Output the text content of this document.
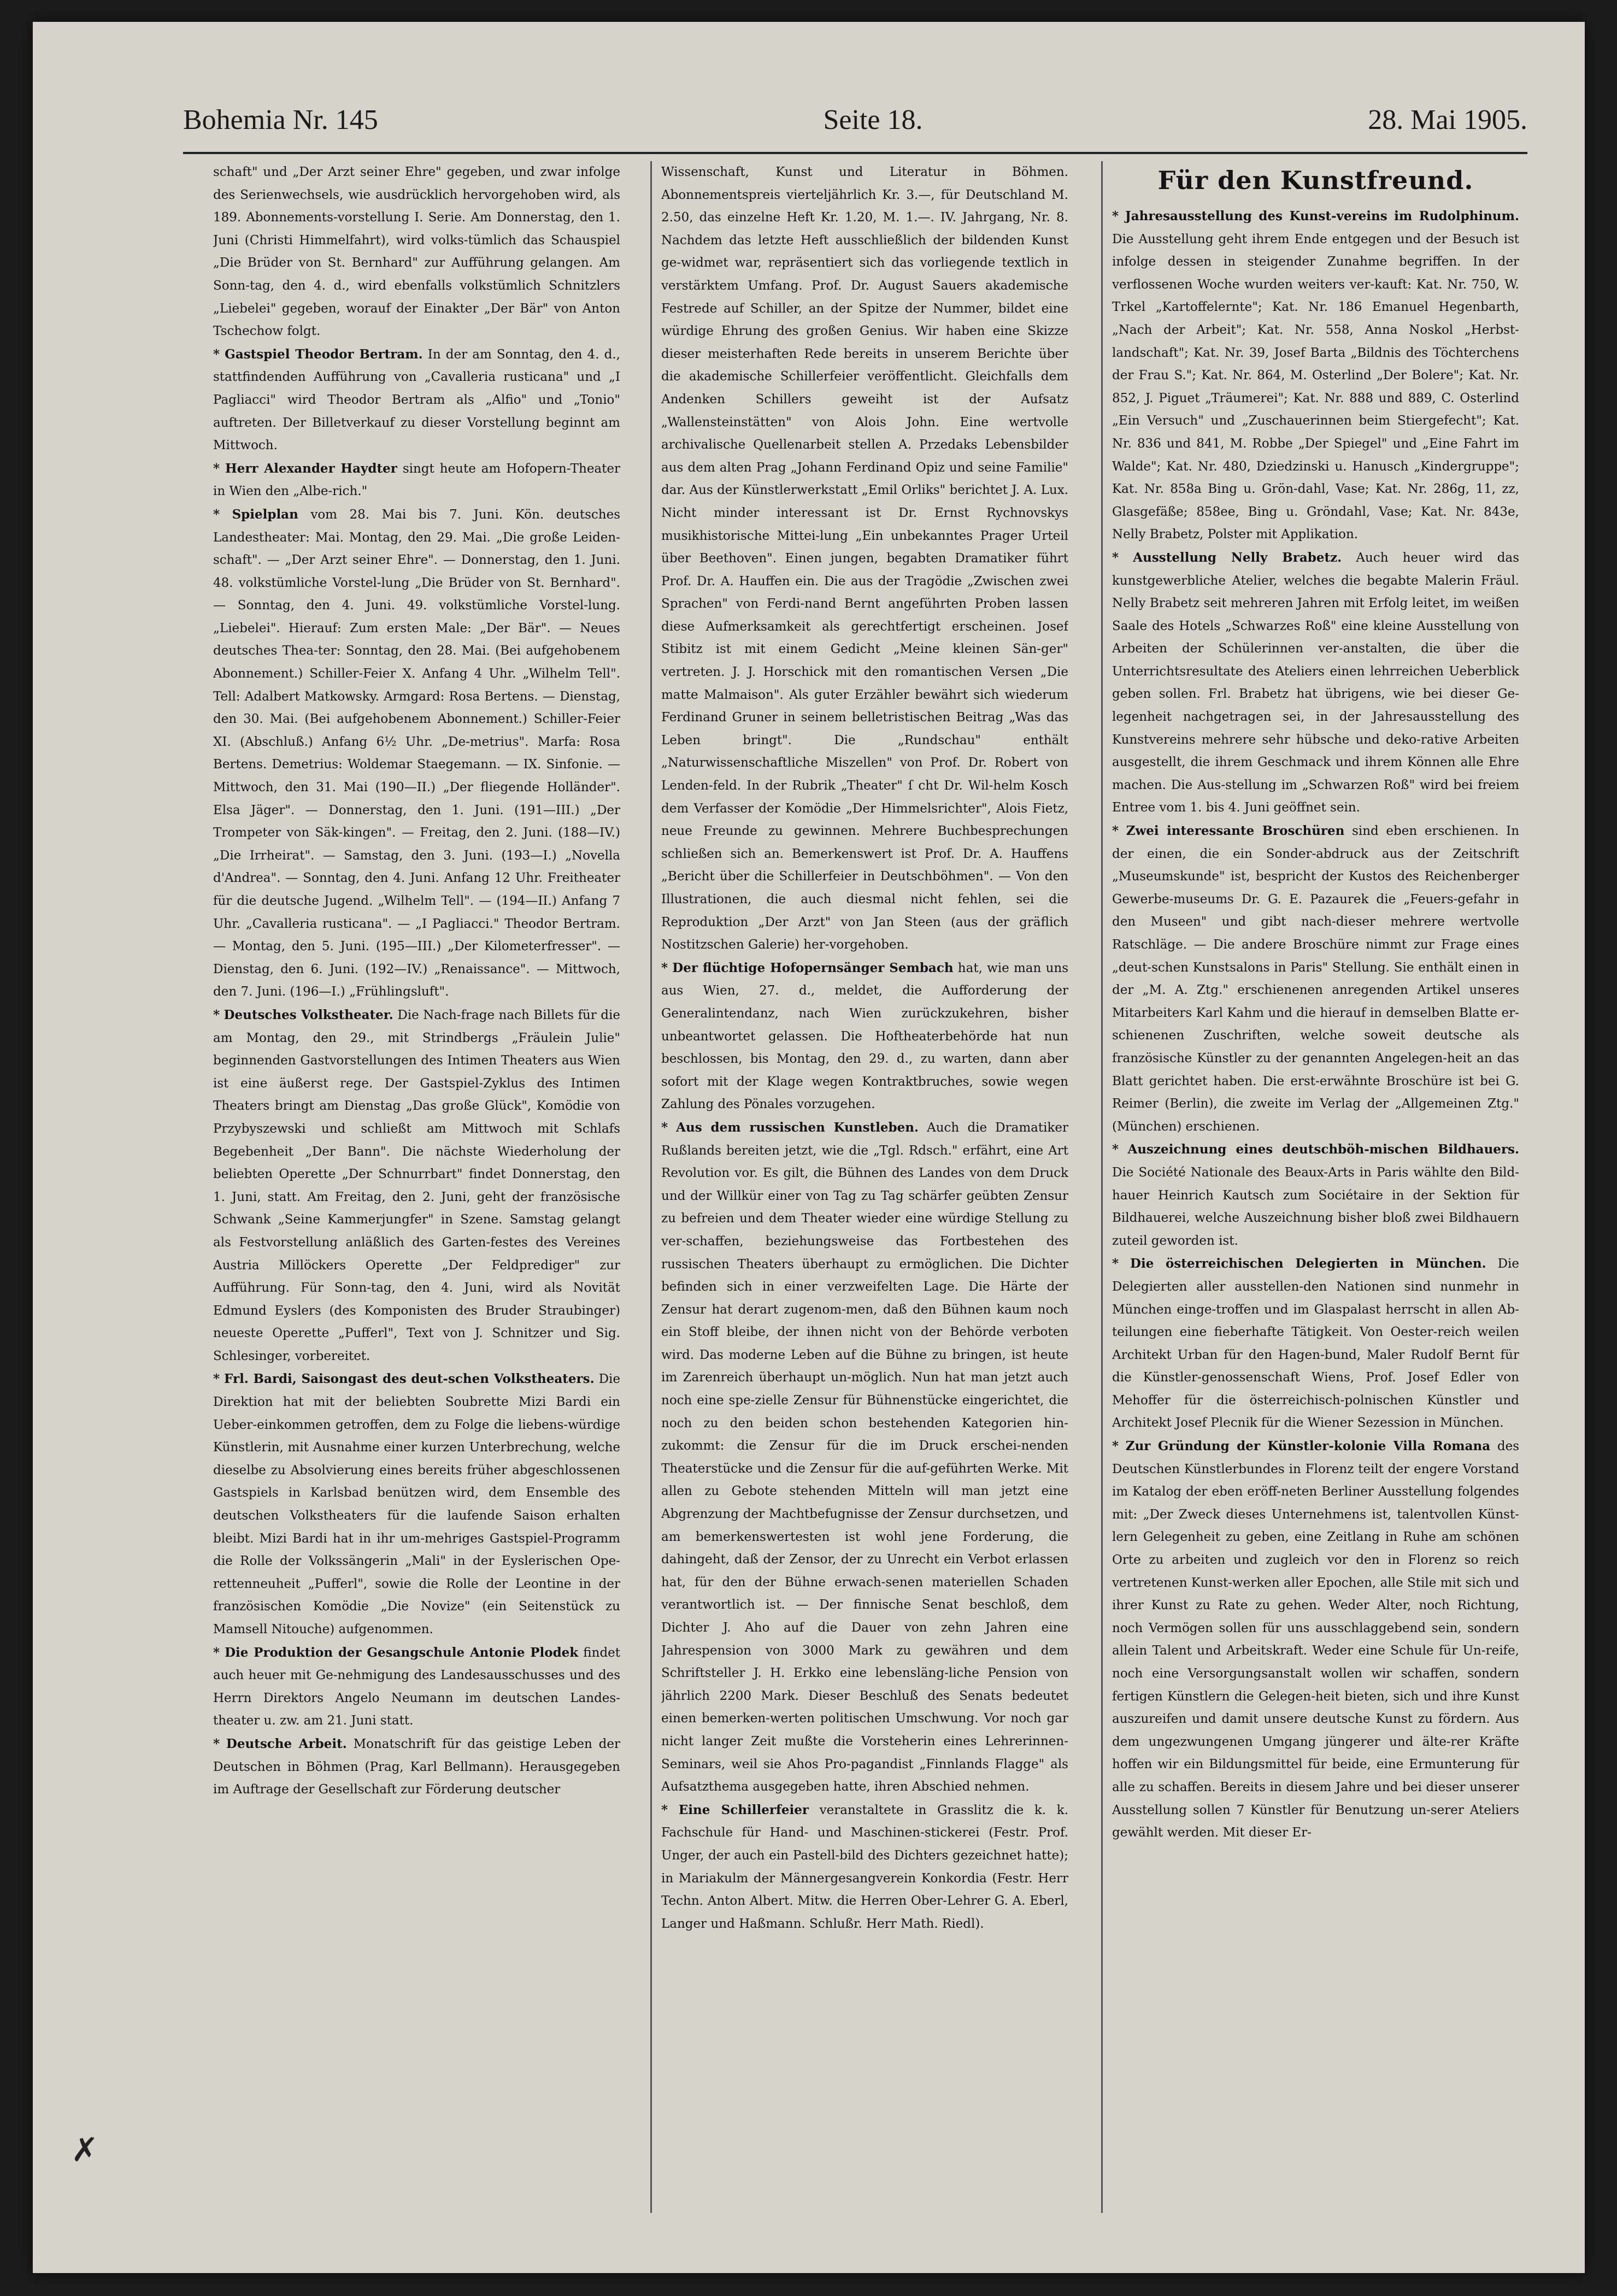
Bohemia Nr. 145	Seite 18.	28. Mai 1905.

schaft" und „Der Arzt seiner Ehre" gegeben, und zwar infolge des Serienwechsels, wie ausdrücklich hervorgehoben wird, als 189. Abonnements-vorstellung I. Serie. Am Donnerstag, den 1. Juni (Christi Himmelfahrt), wird volks-tümlich das Schauspiel „Die Brüder von St. Bernhard" zur Aufführung gelangen. Am Sonn-tag, den 4. d., wird ebenfalls volkstümlich Schnitzlers „Liebelei" gegeben, worauf der Einakter „Der Bär" von Anton Tschechow folgt.

* Gastspiel Theodor Bertram. In der am Sonntag, den 4. d., stattfindenden Aufführung von „Cavalleria rusticana" und „I Pagliacci" wird Theodor Bertram als „Alfio" und „Tonio" auftreten. Der Billetverkauf zu dieser Vorstellung beginnt am Mittwoch.

* Herr Alexander Haydter singt heute am Hofopern-Theater in Wien den „Albe-rich."

* Spielplan vom 28. Mai bis 7. Juni. Kön. deutsches Landestheater: Mai. Montag, den 29. Mai. „Die große Leiden-schaft". — „Der Arzt seiner Ehre". — Donnerstag, den 1. Juni. 48. volkstümliche Vorstel-lung „Die Brüder von St. Bernhard". — Sonntag, den 4. Juni. 49. volkstümliche Vorstel-lung. „Liebelei". Hierauf: Zum ersten Male: „Der Bär". — Neues deutsches Thea-ter: Sonntag, den 28. Mai. (Bei aufgehobenem Abonnement.) Schiller-Feier X. Anfang 4 Uhr. „Wilhelm Tell". Tell: Adalbert Matkowsky. Armgard: Rosa Bertens. — Dienstag, den 30. Mai. (Bei aufgehobenem Abonnement.) Schiller-Feier XI. (Abschluß.) Anfang 6½ Uhr. „De-metrius". Marfa: Rosa Bertens. Demetrius: Woldemar Staegemann. — IX. Sinfonie. — Mittwoch, den 31. Mai (190—II.) „Der fliegende Holländer". Elsa Jäger". — Donnerstag, den 1. Juni. (191—III.) „Der Trompeter von Säk-kingen". — Freitag, den 2. Juni. (188—IV.) „Die Irrheirat". — Samstag, den 3. Juni. (193—I.) „Novella d'Andrea". — Sonntag, den 4. Juni. Anfang 12 Uhr. Freitheater für die deutsche Jugend. „Wilhelm Tell". — (194—II.) Anfang 7 Uhr. „Cavalleria rusticana". — „I Pagliacci." Theodor Bertram. — Montag, den 5. Juni. (195—III.) „Der Kilometerfresser". — Dienstag, den 6. Juni. (192—IV.) „Renaissance". — Mittwoch, den 7. Juni. (196—I.) „Frühlingsluft".

* Deutsches Volkstheater. Die Nach-frage nach Billets für die am Montag, den 29., mit Strindbergs „Fräulein Julie" beginnenden Gastvorstellungen des Intimen Theaters aus Wien ist eine äußerst rege. Der Gastspiel-Zyklus des Intimen Theaters bringt am Dienstag „Das große Glück", Komödie von Przybyszewski und schließt am Mittwoch mit Schlafs Begebenheit „Der Bann". Die nächste Wiederholung der beliebten Operette „Der Schnurrbart" findet Donnerstag, den 1. Juni, statt. Am Freitag, den 2. Juni, geht der französische Schwank „Seine Kammerjungfer" in Szene. Samstag gelangt als Festvorstellung anläßlich des Garten-festes des Vereines Austria Millöckers Operette „Der Feldprediger" zur Aufführung. Für Sonn-tag, den 4. Juni, wird als Novität Edmund Eyslers (des Komponisten des Bruder Straubinger) neueste Operette „Pufferl", Text von J. Schnitzer und Sig. Schlesinger, vorbereitet.

* Frl. Bardi, Saisongast des deut-schen Volkstheaters. Die Direktion hat mit der beliebten Soubrette Mizi Bardi ein Ueber-einkommen getroffen, dem zu Folge die liebens-würdige Künstlerin, mit Ausnahme einer kurzen Unterbrechung, welche dieselbe zu Absolvierung eines bereits früher abgeschlossenen Gastspiels in Karlsbad benützen wird, dem Ensemble des deutschen Volkstheaters für die laufende Saison erhalten bleibt. Mizi Bardi hat in ihr um-mehriges Gastspiel-Programm die Rolle der Volkssängerin „Mali" in der Eyslerischen Ope-rettenneuheit „Pufferl", sowie die Rolle der Leontine in der französischen Komödie „Die Novize" (ein Seitenstück zu Mamsell Nitouche) aufgenommen.

* Die Produktion der Gesangschule Antonie Plodek findet auch heuer mit Ge-nehmigung des Landesausschusses und des Herrn Direktors Angelo Neumann im deutschen Landes-theater u. zw. am 21. Juni statt.

* Deutsche Arbeit. Monatschrift für das geistige Leben der Deutschen in Böhmen (Prag, Karl Bellmann). Herausgegeben im Auftrage der Gesellschaft zur Förderung deutscher

Wissenschaft, Kunst und Literatur in Böhmen. Abonnementspreis vierteljährlich Kr. 3.—, für Deutschland M. 2.50, das einzelne Heft Kr. 1.20, M. 1.—. IV. Jahrgang, Nr. 8. Nachdem das letzte Heft ausschließlich der bildenden Kunst ge-widmet war, repräsentiert sich das vorliegende textlich in verstärktem Umfang. Prof. Dr. August Sauers akademische Festrede auf Schiller, an der Spitze der Nummer, bildet eine würdige Ehrung des großen Genius. Wir haben eine Skizze dieser meisterhaften Rede bereits in unserem Berichte über die akademische Schillerfeier veröffentlicht. Gleichfalls dem Andenken Schillers geweiht ist der Aufsatz „Wallensteinstätten" von Alois John. Eine wertvolle archivalische Quellenarbeit stellen A. Przedaks Lebensbilder aus dem alten Prag „Johann Ferdinand Opiz und seine Familie" dar. Aus der Künstlerwerkstatt „Emil Orliks" berichtet J. A. Lux. Nicht minder interessant ist Dr. Ernst Rychnovskys musikhistorische Mittei-lung „Ein unbekanntes Prager Urteil über Beethoven". Einen jungen, begabten Dramatiker führt Prof. Dr. A. Hauffen ein. Die aus der Tragödie „Zwischen zwei Sprachen" von Ferdi-nand Bernt angeführten Proben lassen diese Aufmerksamkeit als gerechtfertigt erscheinen. Josef Stibitz ist mit einem Gedicht „Meine kleinen Sän-ger" vertreten. J. J. Horschick mit den romantischen Versen „Die matte Malmaison". Als guter Erzähler bewährt sich wiederum Ferdinand Gruner in seinem belletristischen Beitrag „Was das Leben bringt". Die „Rundschau" enthält „Naturwissenschaftliche Miszellen" von Prof. Dr. Robert von Lenden-feld. In der Rubrik „Theater" ſ cht Dr. Wil-helm Kosch dem Verfasser der Komödie „Der Himmelsrichter", Alois Fietz, neue Freunde zu gewinnen. Mehrere Buchbesprechungen schließen sich an. Bemerkenswert ist Prof. Dr. A. Hauffens „Bericht über die Schillerfeier in Deutschböhmen". — Von den Illustrationen, die auch diesmal nicht fehlen, sei die Reproduktion „Der Arzt" von Jan Steen (aus der gräflich Nostitzschen Galerie) her-vorgehoben.

* Der flüchtige Hofopernsänger Sembach hat, wie man uns aus Wien, 27. d., meldet, die Aufforderung der Generalintendanz, nach Wien zurückzukehren, bisher unbeantwortet gelassen. Die Hoftheaterbehörde hat nun beschlossen, bis Montag, den 29. d., zu warten, dann aber sofort mit der Klage wegen Kontraktbruches, sowie wegen Zahlung des Pönales vorzugehen.

* Aus dem russischen Kunstleben. Auch die Dramatiker Rußlands bereiten jetzt, wie die „Tgl. Rdsch." erfährt, eine Art Revolution vor. Es gilt, die Bühnen des Landes von dem Druck und der Willkür einer von Tag zu Tag schärfer geübten Zensur zu befreien und dem Theater wieder eine würdige Stellung zu ver-schaffen, beziehungsweise das Fortbestehen des russischen Theaters überhaupt zu ermöglichen. Die Dichter befinden sich in einer verzweifelten Lage. Die Härte der Zensur hat derart zugenom-men, daß den Bühnen kaum noch ein Stoff bleibe, der ihnen nicht von der Behörde verboten wird. Das moderne Leben auf die Bühne zu bringen, ist heute im Zarenreich überhaupt un-möglich. Nun hat man jetzt auch noch eine spe-zielle Zensur für Bühnenstücke eingerichtet, die noch zu den beiden schon bestehenden Kategorien hin-zukommt: die Zensur für die im Druck erschei-nenden Theaterstücke und die Zensur für die auf-geführten Werke. Mit allen zu Gebote stehenden Mitteln will man jetzt eine Abgrenzung der Machtbefugnisse der Zensur durchsetzen, und am bemerkenswertesten ist wohl jene Forderung, die dahingeht, daß der Zensor, der zu Unrecht ein Verbot erlassen hat, für den der Bühne erwach-senen materiellen Schaden verantwortlich ist. — Der finnische Senat beschloß, dem Dichter J. Aho auf die Dauer von zehn Jahren eine Jahrespension von 3000 Mark zu gewähren und dem Schriftsteller J. H. Erkko eine lebensläng-liche Pension von jährlich 2200 Mark. Dieser Beschluß des Senats bedeutet einen bemerken-werten politischen Umschwung. Vor noch gar nicht langer Zeit mußte die Vorsteherin eines Lehrerinnen-Seminars, weil sie Ahos Pro-pagandist „Finnlands Flagge" als Aufsatzthema ausgegeben hatte, ihren Abschied nehmen.

* Eine Schillerfeier veranstaltete in Grasslitz die k. k. Fachschule für Hand- und Maschinen-stickerei (Festr. Prof. Unger, der auch ein Pastell-bild des Dichters gezeichnet hatte); in Mariakulm der Männergesangverein Konkordia (Festr. Herr Techn. Anton Albert. Mitw. die Herren Ober-Lehrer G. A. Eberl, Langer und Haßmann. Schlußr. Herr Math. Riedl).

Für den Kunstfreund.

* Jahresausstellung des Kunst-vereins im Rudolphinum. Die Ausstellung geht ihrem Ende entgegen und der Besuch ist infolge dessen in steigender Zunahme begriffen. In der verflossenen Woche wurden weiters ver-kauft: Kat. Nr. 750, W. Trkel „Kartoffelernte"; Kat. Nr. 186 Emanuel Hegenbarth, „Nach der Arbeit"; Kat. Nr. 558, Anna Noskol „Herbst-landschaft"; Kat. Nr. 39, Josef Barta „Bildnis des Töchterchens der Frau S."; Kat. Nr. 864, M. Osterlind „Der Bolere"; Kat. Nr. 852, J. Piguet „Träumerei"; Kat. Nr. 888 und 889, C. Osterlind „Ein Versuch" und „Zuschauerinnen beim Stiergefecht"; Kat. Nr. 836 und 841, M. Robbe „Der Spiegel" und „Eine Fahrt im Walde"; Kat. Nr. 480, Dziedzinski u. Hanusch „Kindergruppe"; Kat. Nr. 858a Bing u. Grön-dahl, Vase; Kat. Nr. 286g, 11, zz, Glasgefäße; 858ee, Bing u. Gröndahl, Vase; Kat. Nr. 843e, Nelly Brabetz, Polster mit Applikation.

* Ausstellung Nelly Brabetz. Auch heuer wird das kunstgewerbliche Atelier, welches die begabte Malerin Fräul. Nelly Brabetz seit mehreren Jahren mit Erfolg leitet, im weißen Saale des Hotels „Schwarzes Roß" eine kleine Ausstellung von Arbeiten der Schülerinnen ver-anstalten, die über die Unterrichtsresultate des Ateliers einen lehrreichen Ueberblick geben sollen. Frl. Brabetz hat übrigens, wie bei dieser Ge-legenheit nachgetragen sei, in der Jahresausstellung des Kunstvereins mehrere sehr hübsche und deko-rative Arbeiten ausgestellt, die ihrem Geschmack und ihrem Können alle Ehre machen. Die Aus-stellung im „Schwarzen Roß" wird bei freiem Entree vom 1. bis 4. Juni geöffnet sein.

* Zwei interessante Broschüren sind eben erschienen. In der einen, die ein Sonder-abdruck aus der Zeitschrift „Museumskunde" ist, bespricht der Kustos des Reichenberger Gewerbe-museums Dr. G. E. Pazaurek die „Feuers-gefahr in den Museen" und gibt nach-dieser mehrere wertvolle Ratschläge. — Die andere Broschüre nimmt zur Frage eines „deut-schen Kunstsalons in Paris" Stellung. Sie enthält einen in der „M. A. Ztg." erschienenen anregenden Artikel unseres Mitarbeiters Karl Kahm und die hierauf in demselben Blatte er-schienenen Zuschriften, welche soweit deutsche als französische Künstler zu der genannten Angelegen-heit an das Blatt gerichtet haben. Die erst-erwähnte Broschüre ist bei G. Reimer (Berlin), die zweite im Verlag der „Allgemeinen Ztg." (München) erschienen.

* Auszeichnung eines deutschböh-mischen Bildhauers. Die Société Nationale des Beaux-Arts in Paris wählte den Bild-hauer Heinrich Kautsch zum Sociétaire in der Sektion für Bildhauerei, welche Auszeichnung bisher bloß zwei Bildhauern zuteil geworden ist.

* Die österreichischen Delegierten in München. Die Delegierten aller ausstellen-den Nationen sind nunmehr in München einge-troffen und im Glaspalast herrscht in allen Ab-teilungen eine fieberhafte Tätigkeit. Von Oester-reich weilen Architekt Urban für den Hagen-bund, Maler Rudolf Bernt für die Künstler-genossenschaft Wiens, Prof. Josef Edler von Mehoffer für die österreichisch-polnischen Künstler und Architekt Josef Plecnik für die Wiener Sezession in München.

* Zur Gründung der Künstler-kolonie Villa Romana des Deutschen Künstlerbundes in Florenz teilt der engere Vorstand im Katalog der eben eröff-neten Berliner Ausstellung folgendes mit: „Der Zweck dieses Unternehmens ist, talentvollen Künst-lern Gelegenheit zu geben, eine Zeitlang in Ruhe am schönen Orte zu arbeiten und zugleich vor den in Florenz so reich vertretenen Kunst-werken aller Epochen, alle Stile mit sich und ihrer Kunst zu Rate zu gehen. Weder Alter, noch Richtung, noch Vermögen sollen für uns ausschlaggebend sein, sondern allein Talent und Arbeitskraft. Weder eine Schule für Un-reife, noch eine Versorgungsanstalt wollen wir schaffen, sondern fertigen Künstlern die Gelegen-heit bieten, sich und ihre Kunst auszureifen und damit unsere deutsche Kunst zu fördern. Aus dem ungezwungenen Umgang jüngerer und älte-rer Kräfte hoffen wir ein Bildungsmittel für beide, eine Ermunterung für alle zu schaffen. Bereits in diesem Jahre und bei dieser unserer Ausstellung sollen 7 Künstler für Benutzung un-serer Ateliers gewählt werden. Mit dieser Er-

✗
